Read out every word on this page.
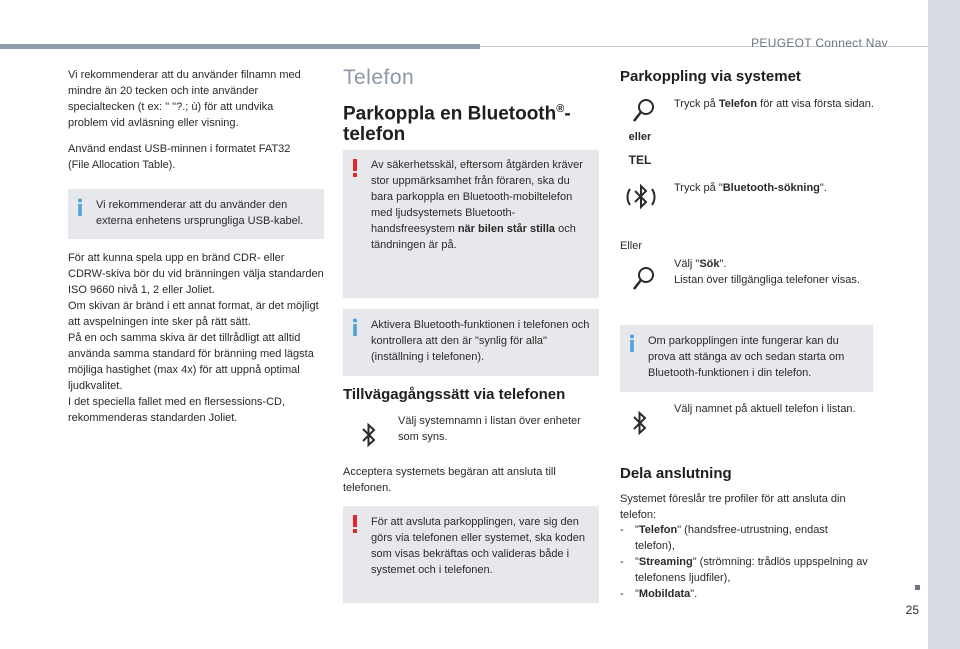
PEUGEOT Connect Nav
25

Vi rekommenderar att du använder filnamn med mindre än 20 tecken och inte använder specialtecken (t ex: " "?.; ù) för att undvika problem vid avläsning eller visning.

Använd endast USB-minnen i formatet FAT32 (File Allocation Table).

Vi rekommenderar att du använder den externa enhetens ursprungliga USB-kabel.

För att kunna spela upp en bränd CDR- eller CDRW-skiva bör du vid bränningen välja standarden ISO 9660 nivå 1, 2 eller Joliet.

Om skivan är bränd i ett annat format, är det möjligt att avspelningen inte sker på rätt sätt.

På en och samma skiva är det tillrådligt att alltid använda samma standard för bränning med lägsta möjliga hastighet (max 4x) för att uppnå optimal ljudkvalitet.

I det speciella fallet med en flersessions-CD, rekommenderas standarden Joliet.

Telefon
Parkoppla en Bluetooth®-
telefon

Av säkerhetsskäl, eftersom åtgärden kräver stor uppmärksamhet från föraren, ska du bara parkoppla en Bluetooth-mobiltelefon med ljudsystemets Bluetooth-handsfreesystem när bilen står stilla och tändningen är på.

Aktivera Bluetooth-funktionen i telefonen och kontrollera att den är "synlig för alla" (inställning i telefonen).

Tillvägagångssätt via telefonen

Välj systemnamn i listan över enheter som syns.

Acceptera systemets begäran att ansluta till telefonen.

För att avsluta parkopplingen, vare sig den görs via telefonen eller systemet, ska koden som visas bekräftas och valideras både i systemet och i telefonen.

Parkoppling via systemet
eller
TEL

Tryck på Telefon för att visa första sidan.

Tryck på "Bluetooth-sökning".

Eller

Välj "Sök".

Listan över tillgängliga telefoner visas.

Om parkopplingen inte fungerar kan du prova att stänga av och sedan starta om Bluetooth-funktionen i din telefon.

Välj namnet på aktuell telefon i listan.

Dela anslutning

Systemet föreslår tre profiler för att ansluta din telefon:

- "Telefon" (handsfree-utrustning, endast telefon),
- "Streaming" (strömning: trådlös uppspelning av telefonens ljudfiler),
- "Mobildata".
